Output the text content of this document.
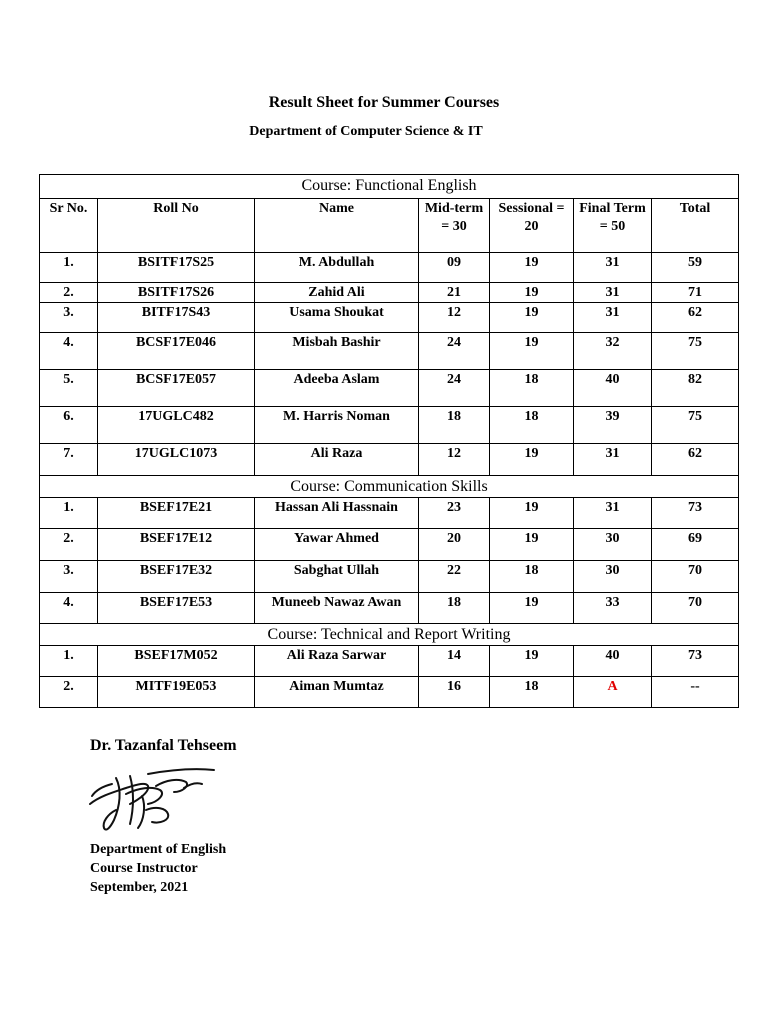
Result Sheet for Summer Courses
Department of Computer Science & IT
Course: Functional English						
Sr No.	Roll No	Name	Mid-term = 30	Sessional = 20	Final Term = 50	Total
1.	BSITF17S25	M. Abdullah	09	19	31	59
2.	BSITF17S26	Zahid Ali	21	19	31	71
3.	BITF17S43	Usama Shoukat	12	19	31	62
4.	BCSF17E046	Misbah Bashir	24	19	32	75
5.	BCSF17E057	Adeeba Aslam	24	18	40	82
6.	17UGLC482	M. Harris Noman	18	18	39	75
7.	17UGLC1073	Ali Raza	12	19	31	62
Course: Communication Skills						
1.	BSEF17E21	Hassan Ali Hassnain	23	19	31	73
2.	BSEF17E12	Yawar Ahmed	20	19	30	69
3.	BSEF17E32	Sabghat Ullah	22	18	30	70
4.	BSEF17E53	Muneeb Nawaz Awan	18	19	33	70
Course: Technical and Report Writing						
1.	BSEF17M052	Ali Raza Sarwar	14	19	40	73
2.	MITF19E053	Aiman Mumtaz	16	18	A	--
Dr. Tazanfal Tehseem
Department of English
Course Instructor
September, 2021
